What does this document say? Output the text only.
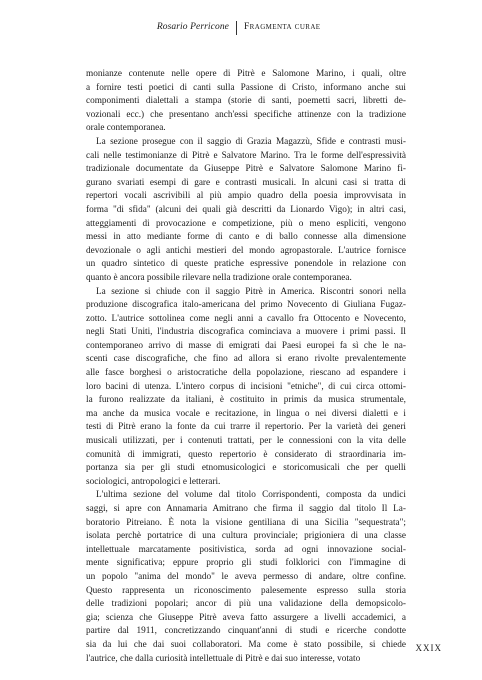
Rosario Perricone Fragmenta curae

monianze contenute nelle opere di Pitrè e Salomone Marino, i quali, oltre
a fornire testi poetici di canti sulla Passione di Cristo, informano anche sui
componimenti dialettali a stampa (storie di santi, poemetti sacri, libretti de-
vozionali ecc.) che presentano anch'essi specifiche attinenze con la tradizione
orale contemporanea.

La sezione prosegue con il saggio di Grazia Magazzù, Sfide e contrasti musi-
cali nelle testimonianze di Pitrè e Salvatore Marino. Tra le forme dell'espressività
tradizionale documentate da Giuseppe Pitrè e Salvatore Salomone Marino fi-
gurano svariati esempi di gare e contrasti musicali. In alcuni casi si tratta di
repertori vocali ascrivibili al più ampio quadro della poesia improvvisata in
forma "di sfida" (alcuni dei quali già descritti da Lionardo Vigo); in altri casi,
atteggiamenti di provocazione e competizione, più o meno espliciti, vengono
messi in atto mediante forme di canto e di ballo connesse alla dimensione
devozionale o agli antichi mestieri del mondo agropastorale. L'autrice fornisce
un quadro sintetico di queste pratiche espressive ponendole in relazione con
quanto è ancora possibile rilevare nella tradizione orale contemporanea.

La sezione si chiude con il saggio Pitrè in America. Riscontri sonori nella
produzione discografica italo-americana del primo Novecento di Giuliana Fugaz-
zotto. L'autrice sottolinea come negli anni a cavallo fra Ottocento e Novecento,
negli Stati Uniti, l'industria discografica cominciava a muovere i primi passi. Il
contemporaneo arrivo di masse di emigrati dai Paesi europei fa sì che le na-
scenti case discografiche, che fino ad allora si erano rivolte prevalentemente
alle fasce borghesi o aristocratiche della popolazione, riescano ad espandere i
loro bacini di utenza. L'intero corpus di incisioni "etniche", di cui circa ottomi-
la furono realizzate da italiani, è costituito in primis da musica strumentale,
ma anche da musica vocale e recitazione, in lingua o nei diversi dialetti e i
testi di Pitrè erano la fonte da cui trarre il repertorio. Per la varietà dei generi
musicali utilizzati, per i contenuti trattati, per le connessioni con la vita delle
comunità di immigrati, questo repertorio è considerato di straordinaria im-
portanza sia per gli studi etnomusicologici e storicomusicali che per quelli
sociologici, antropologici e letterari.

L'ultima sezione del volume dal titolo Corrispondenti, composta da undici
saggi, si apre con Annamaria Amitrano che firma il saggio dal titolo Il La-
boratorio Pitreiano. È nota la visione gentiliana di una Sicilia "sequestrata";
isolata perchè portatrice di una cultura provinciale; prigioniera di una classe
intellettuale marcatamente positivistica, sorda ad ogni innovazione social-
mente significativa; eppure proprio gli studi folklorici con l'immagine di
un popolo "anima del mondo" le aveva permesso di andare, oltre confine.
Questo rappresenta un riconoscimento palesemente espresso sulla storia
delle tradizioni popolari; ancor di più una validazione della demopsicolo-
gia; scienza che Giuseppe Pitrè aveva fatto assurgere a livelli accademici, a
partire dal 1911, concretizzando cinquant'anni di studi e ricerche condotte
sia da lui che dai suoi collaboratori. Ma come è stato possibile, si chiede
l'autrice, che dalla curiosità intellettuale di Pitrè e dai suo interesse, votato

XXIX
